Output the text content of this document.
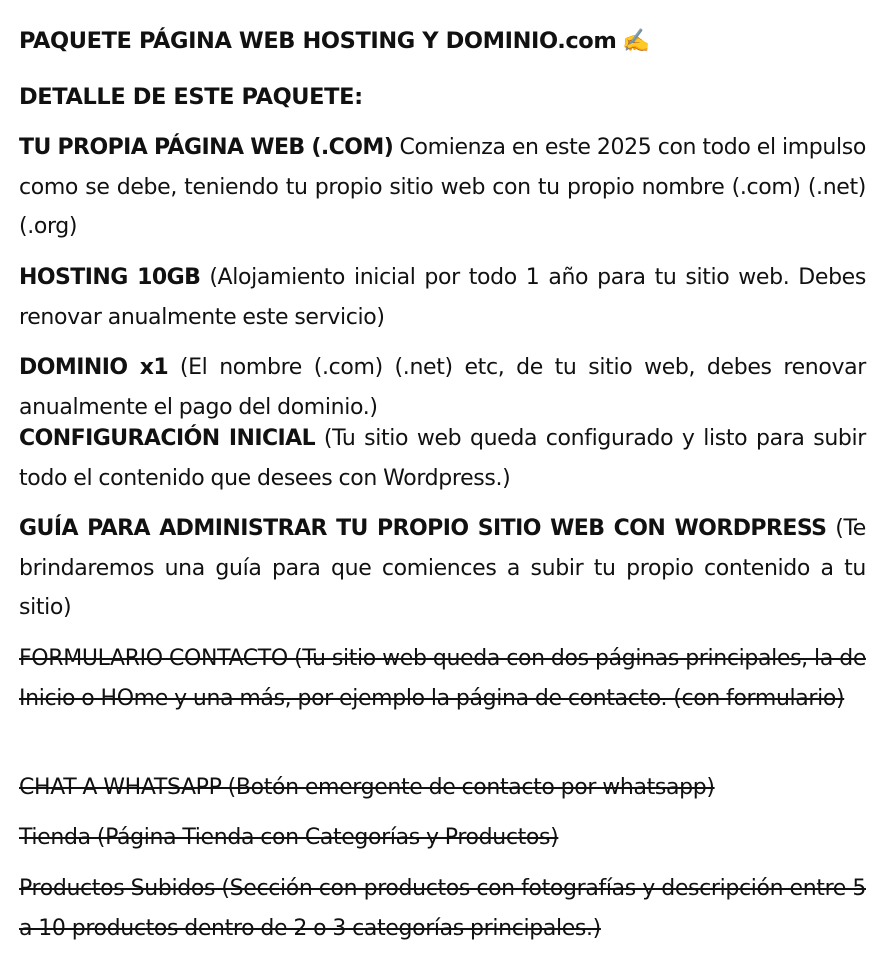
PAQUETE PÁGINA WEB HOSTING Y DOMINIO.com ✍️
DETALLE DE ESTE PAQUETE:
TU PROPIA PÁGINA WEB (.COM) Comienza en este 2025 con todo el impulso como se debe, teniendo tu propio sitio web con tu propio nombre (.com) (.net) (.org)
HOSTING 10GB (Alojamiento inicial por todo 1 año para tu sitio web. Debes renovar anualmente este servicio)
DOMINIO x1 (El nombre (.com) (.net) etc, de tu sitio web, debes renovar anualmente el pago del dominio.)
CONFIGURACIÓN INICIAL (Tu sitio web queda configurado y listo para subir todo el contenido que desees con Wordpress.)
GUÍA PARA ADMINISTRAR TU PROPIO SITIO WEB CON WORDPRESS (Te brindaremos una guía para que comiences a subir tu propio contenido a tu sitio)
FORMULARIO CONTACTO (Tu sitio web queda con dos páginas principales, la de Inicio o HOme y una más, por ejemplo la página de contacto. (con formulario)
CHAT A WHATSAPP (Botón emergente de contacto por whatsapp)
Tienda (Página Tienda con Categorías y Productos)
Productos Subidos (Sección con productos con fotografías y descripción entre 5 a 10 productos dentro de 2 o 3 categorías principales.)
